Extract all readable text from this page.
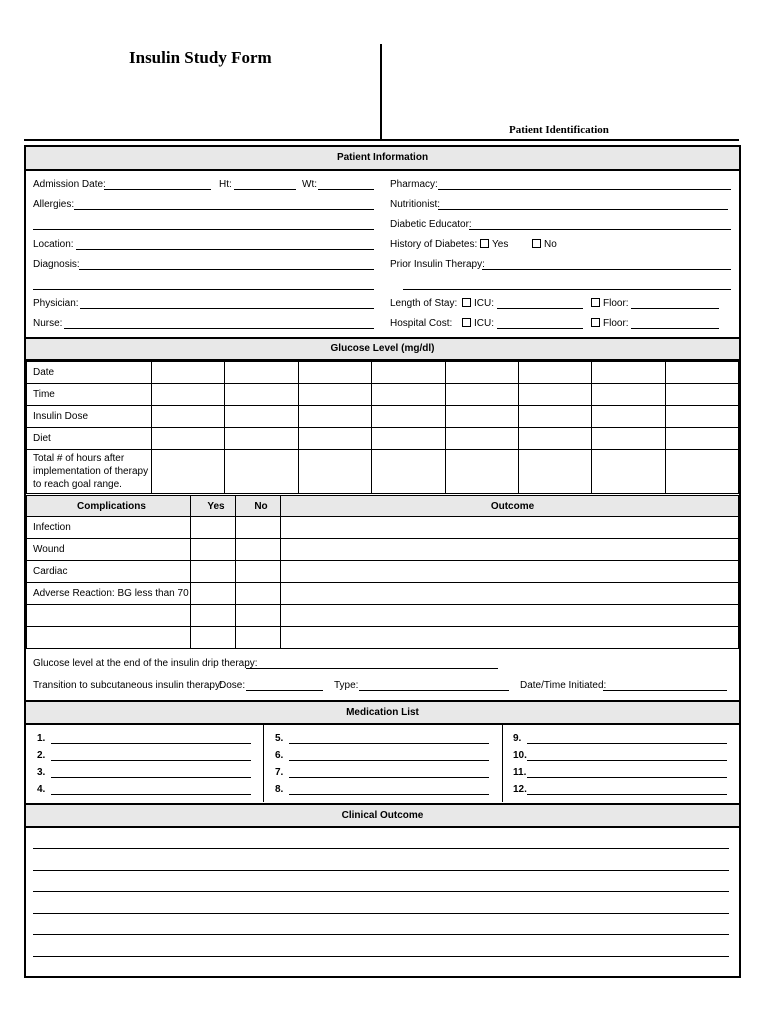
Insulin Study Form
Patient Identification
Patient Information
Admission Date:	Ht:	Wt:
Allergies:
Location:
Diagnosis:
Physician:
Nurse:
Pharmacy:
Nutritionist:
Diabetic Educator:
History of Diabetes:	Yes	No
Prior Insulin Therapy:
Length of Stay:	ICU:	Floor:
Hospital Cost:	ICU:	Floor:
Glucose Level (mg/dl)
Date								
Time								
Insulin Dose								
Diet								
Total # of hours after implementation of therapy to reach goal range.								
Complications	Yes	No	Outcome
Infection			
Wound			
Cardiac			
Adverse Reaction: BG less than 70			

Glucose level at the end of the insulin drip therapy:
Transition to subcutaneous insulin therapy:
Dose:	Type:	Date/Time Initiated:
Medication List
1.
2.
3.
4.
5.
6.
7.
8.
9.
10.
11.
12.
Clinical Outcome
